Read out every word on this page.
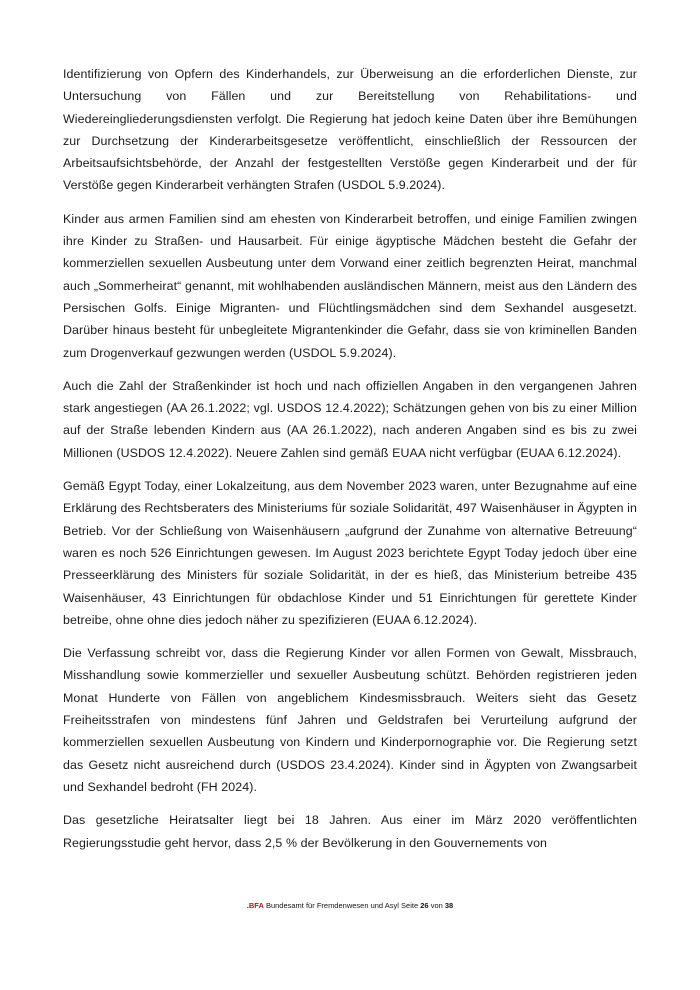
Identifizierung von Opfern des Kinderhandels, zur Überweisung an die erforderlichen Dienste, zur Untersuchung von Fällen und zur Bereitstellung von Rehabilitations- und Wiedereingliederungsdiensten verfolgt. Die Regierung hat jedoch keine Daten über ihre Bemühungen zur Durchsetzung der Kinderarbeitsgesetze veröffentlicht, einschließlich der Ressourcen der Arbeitsaufsichtsbehörde, der Anzahl der festgestellten Verstöße gegen Kinderarbeit und der für Verstöße gegen Kinderarbeit verhängten Strafen (USDOL 5.9.2024).

Kinder aus armen Familien sind am ehesten von Kinderarbeit betroffen, und einige Familien zwingen ihre Kinder zu Straßen- und Hausarbeit. Für einige ägyptische Mädchen besteht die Gefahr der kommerziellen sexuellen Ausbeutung unter dem Vorwand einer zeitlich begrenzten Heirat, manchmal auch „Sommerheirat“ genannt, mit wohlhabenden ausländischen Männern, meist aus den Ländern des Persischen Golfs. Einige Migranten- und Flüchtlingsmädchen sind dem Sexhandel ausgesetzt. Darüber hinaus besteht für unbegleitete Migrantenkinder die Gefahr, dass sie von kriminellen Banden zum Drogenverkauf gezwungen werden (USDOL 5.9.2024).

Auch die Zahl der Straßenkinder ist hoch und nach offiziellen Angaben in den vergangenen Jahren stark angestiegen (AA 26.1.2022; vgl. USDOS 12.4.2022); Schätzungen gehen von bis zu einer Million auf der Straße lebenden Kindern aus (AA 26.1.2022), nach anderen Angaben sind es bis zu zwei Millionen (USDOS 12.4.2022). Neuere Zahlen sind gemäß EUAA nicht verfügbar (EUAA 6.12.2024).

Gemäß Egypt Today, einer Lokalzeitung, aus dem November 2023 waren, unter Bezugnahme auf eine Erklärung des Rechtsberaters des Ministeriums für soziale Solidarität, 497 Waisenhäuser in Ägypten in Betrieb. Vor der Schließung von Waisenhäusern „aufgrund der Zunahme von alternative Betreuung“ waren es noch 526 Einrichtungen gewesen. Im August 2023 berichtete Egypt Today jedoch über eine Presseerklärung des Ministers für soziale Solidarität, in der es hieß, das Ministerium betreibe 435 Waisenhäuser, 43 Einrichtungen für obdachlose Kinder und 51 Einrichtungen für gerettete Kinder betreibe, ohne ohne dies jedoch näher zu spezifizieren (EUAA 6.12.2024).

Die Verfassung schreibt vor, dass die Regierung Kinder vor allen Formen von Gewalt, Missbrauch, Misshandlung sowie kommerzieller und sexueller Ausbeutung schützt. Behörden registrieren jeden Monat Hunderte von Fällen von angeblichem Kindesmissbrauch. Weiters sieht das Gesetz Freiheitsstrafen von mindestens fünf Jahren und Geldstrafen bei Verurteilung aufgrund der kommerziellen sexuellen Ausbeutung von Kindern und Kinderpornographie vor. Die Regierung setzt das Gesetz nicht ausreichend durch (USDOS 23.4.2024). Kinder sind in Ägypten von Zwangsarbeit und Sexhandel bedroht (FH 2024).

Das gesetzliche Heiratsalter liegt bei 18 Jahren. Aus einer im März 2020 veröffentlichten Regierungsstudie geht hervor, dass 2,5 % der Bevölkerung in den Gouvernements von

.BFA Bundesamt für Fremdenwesen und Asyl Seite 26 von 38
